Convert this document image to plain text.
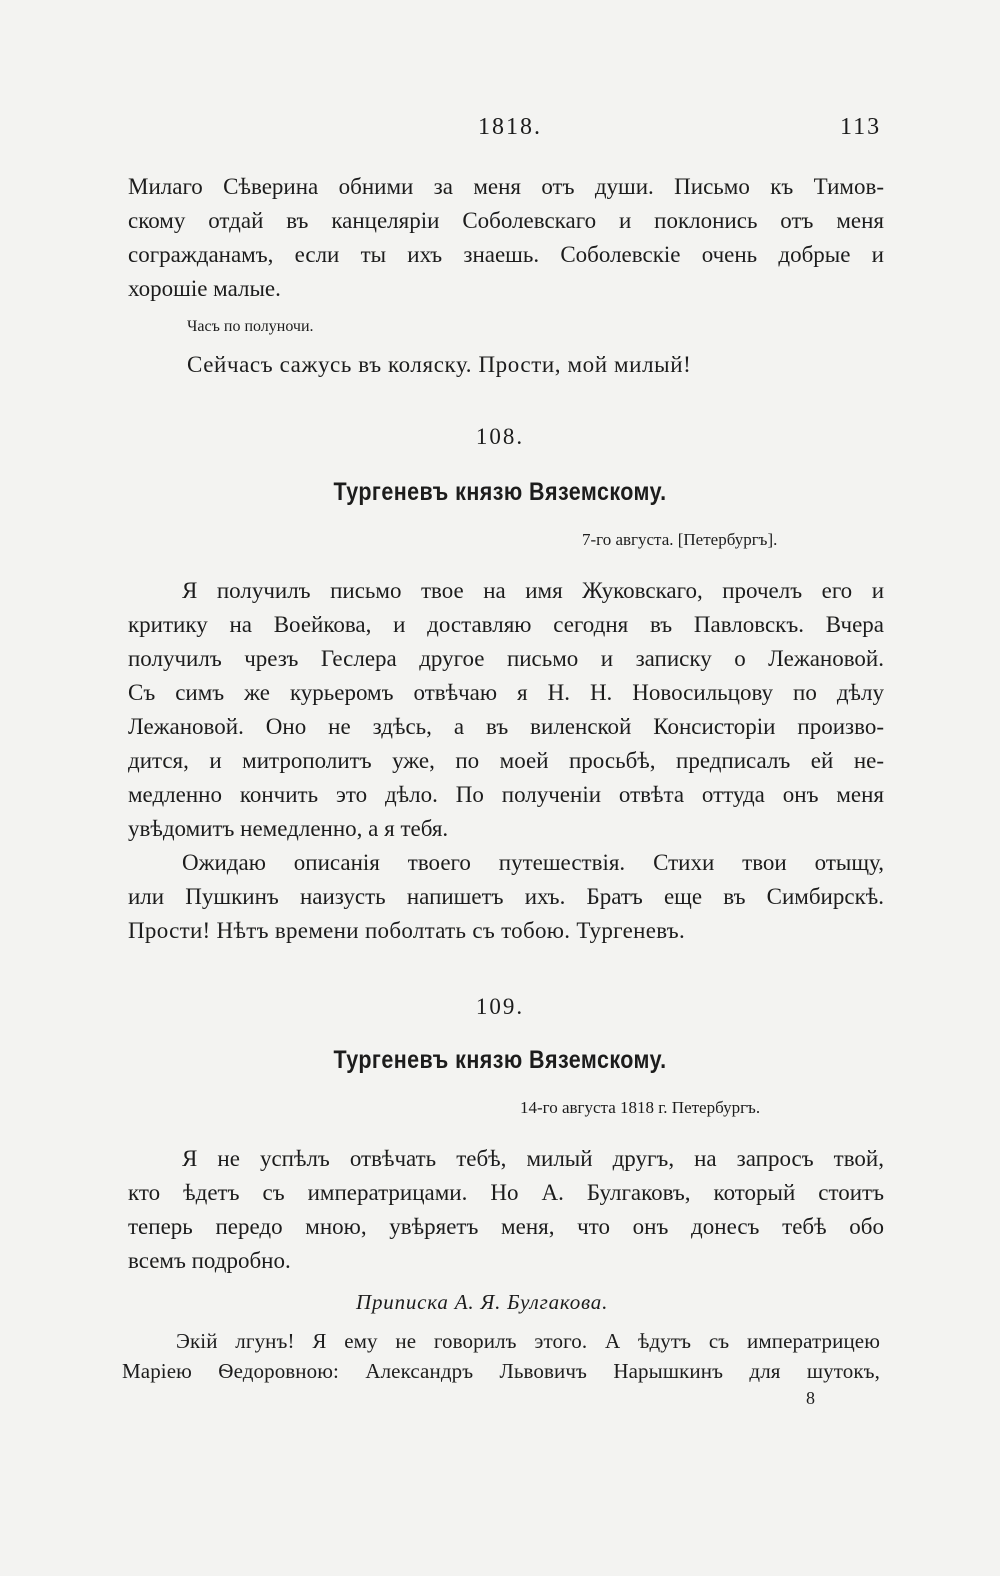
1818.	113
Милаго Сѣверина обними за меня отъ души. Письмо къ Тимов-
скому отдай въ канцеляріи Соболевскаго и поклонись отъ меня
согражданамъ, если ты ихъ знаешь. Соболевскіе очень добрые и
хорошіе малые.
Часъ по полуночи.
Сейчасъ сажусь въ коляску. Прости, мой милый!
108.
Тургеневъ князю Вяземскому.
7-го августа. [Петербургъ].
Я получилъ письмо твое на имя Жуковскаго, прочелъ его и
критику на Воейкова, и доставляю сегодня въ Павловскъ. Вчера
получилъ чрезъ Геслера другое письмо и записку о Лежановой.
Съ симъ же курьеромъ отвѣчаю я Н. Н. Новосильцову по дѣлу
Лежановой. Оно не здѣсь, а въ виленской Консисторіи произво-
дится, и митрополитъ уже, по моей просьбѣ, предписалъ ей не-
медленно кончить это дѣло. По полученіи отвѣта оттуда онъ меня
увѣдомитъ немедленно, а я тебя.
Ожидаю описанія твоего путешествія. Стихи твои отыщу,
или Пушкинъ наизусть напишетъ ихъ. Братъ еще въ Симбирскѣ.
Прости! Нѣтъ времени поболтать съ тобою. Тургеневъ.
109.
Тургеневъ князю Вяземскому.
14-го августа 1818 г. Петербургъ.
Я не успѣлъ отвѣчать тебѣ, милый другъ, на запросъ твой,
кто ѣдетъ съ императрицами. Но А. Булгаковъ, который стоитъ
теперь передо мною, увѣряетъ меня, что онъ донесъ тебѣ обо
всемъ подробно.
Приписка А. Я. Булгакова.
Экій лгунъ! Я ему не говорилъ этого. А ѣдутъ съ императрицею
Маріею Ѳедоровною: Александръ Львовичъ Нарышкинъ для шутокъ,
8
